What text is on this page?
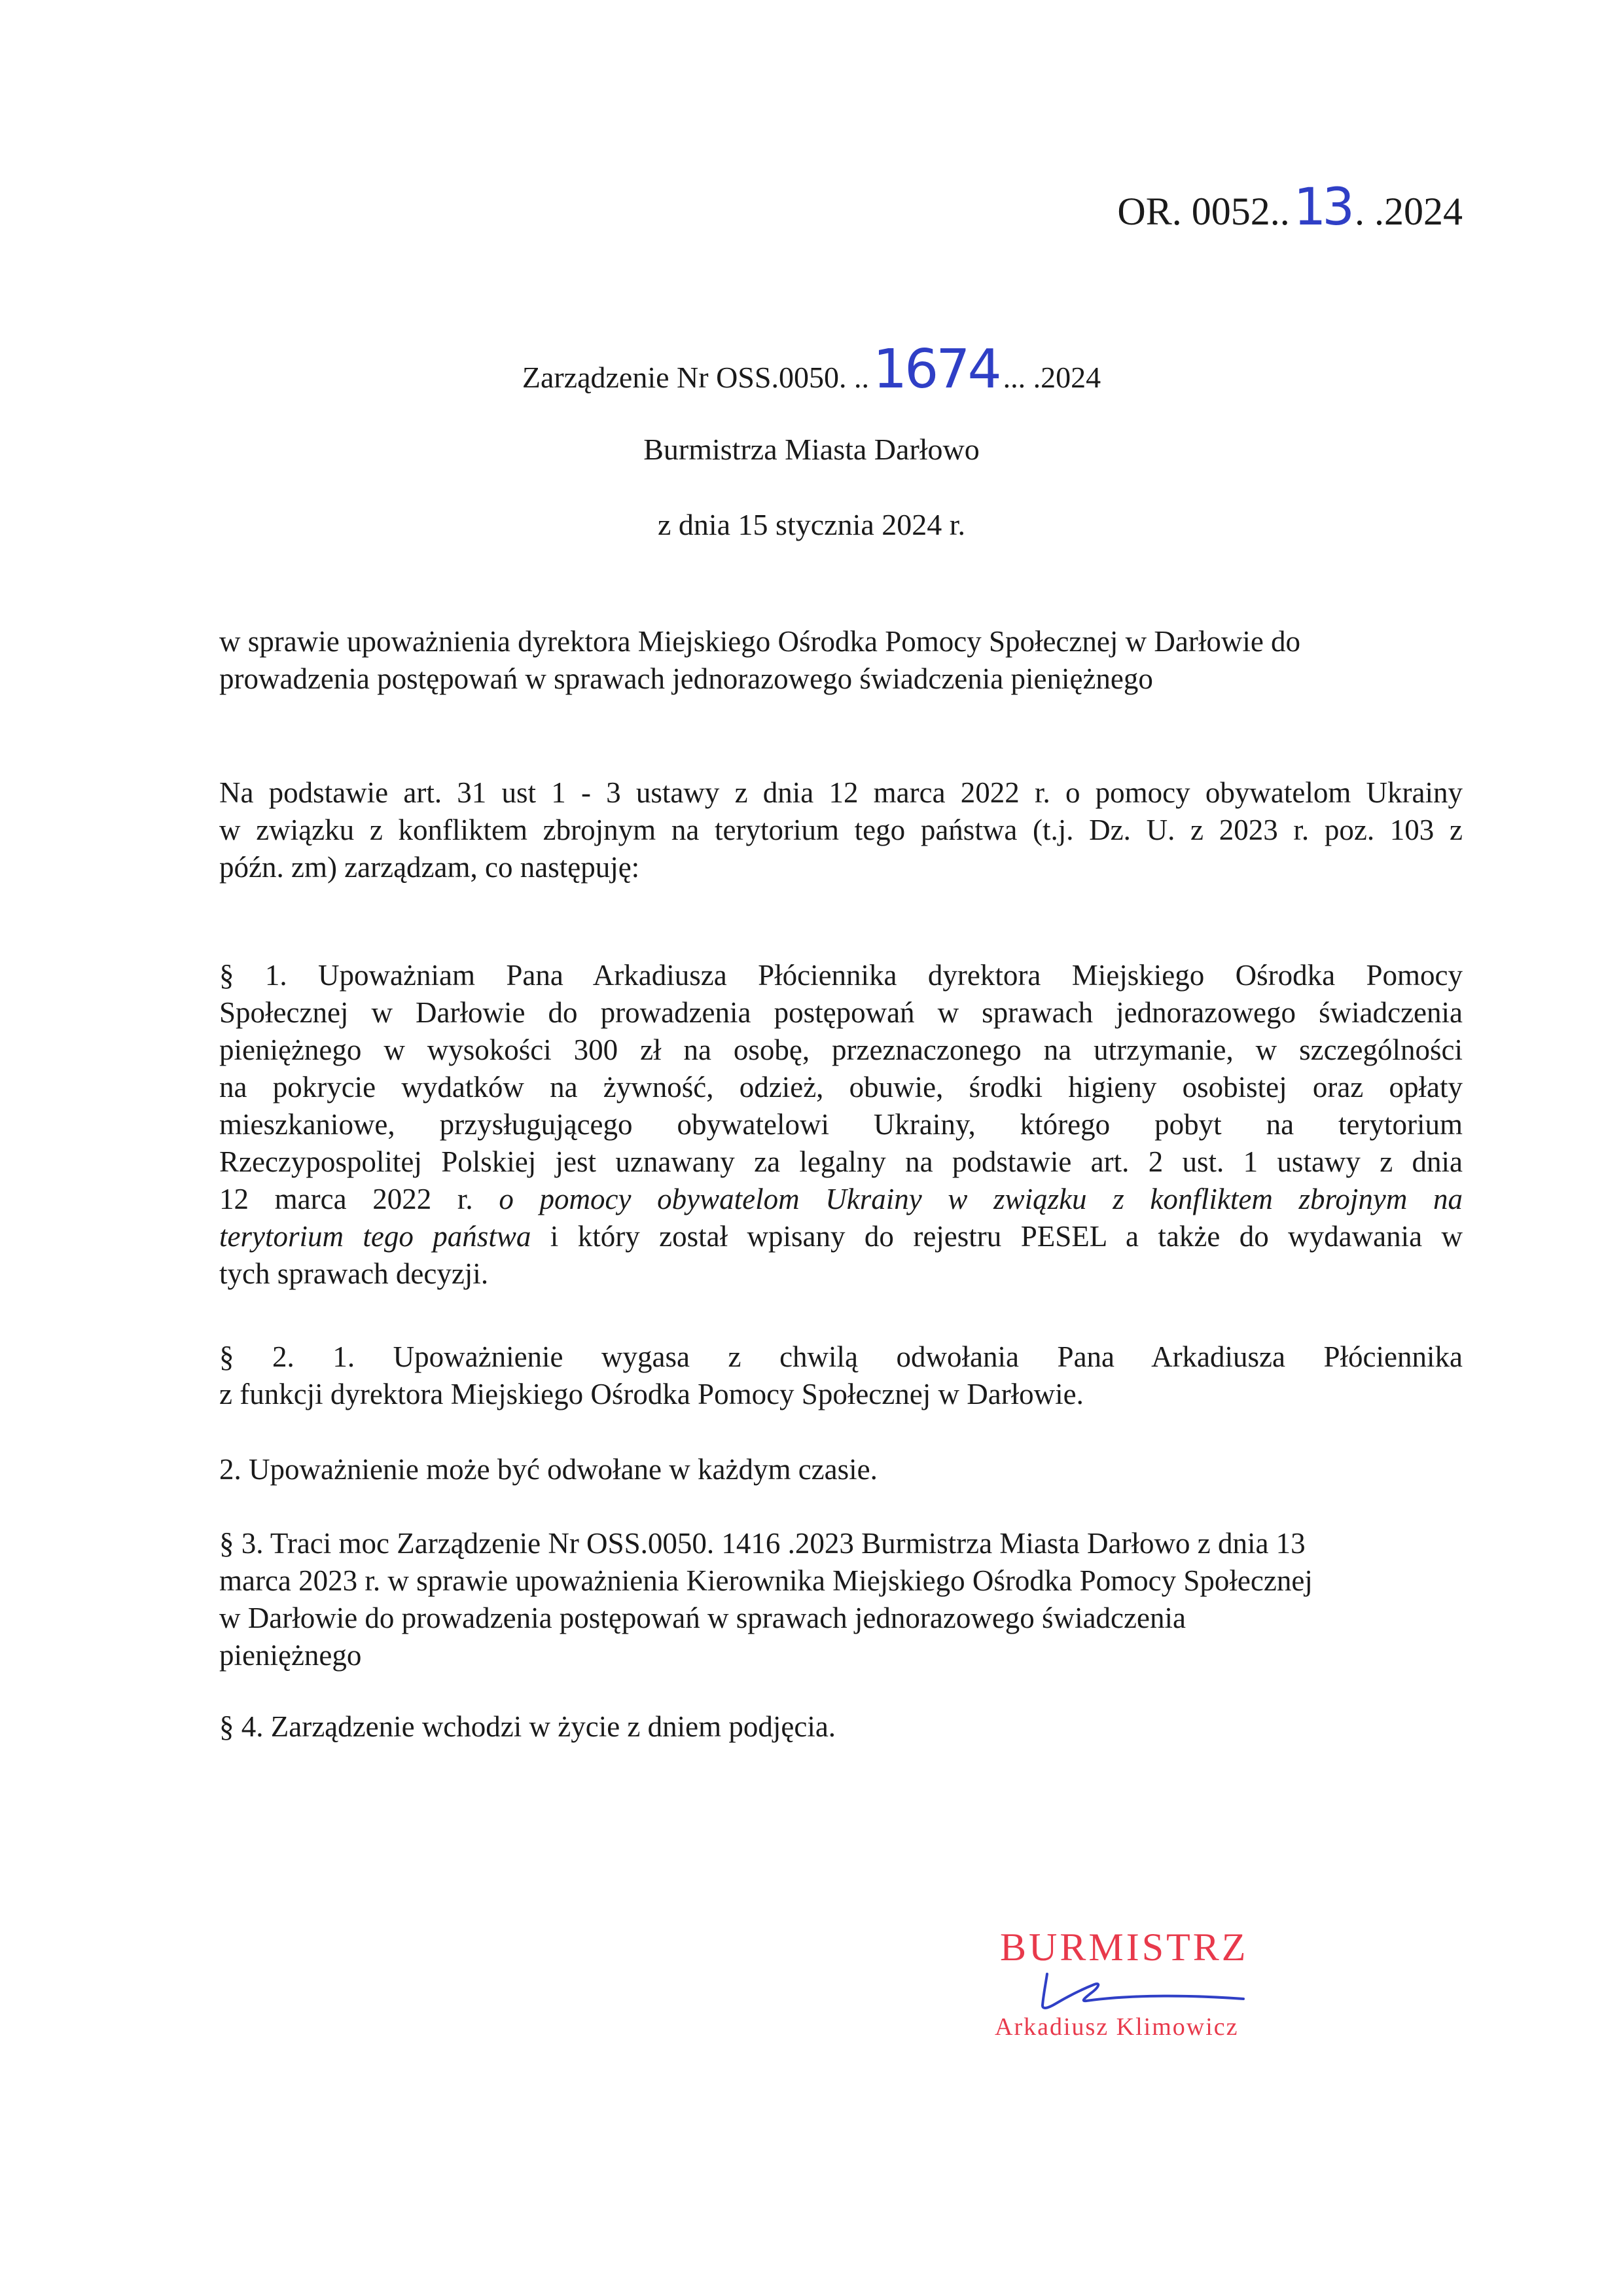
OR. 0052..13 . .2024
Zarządzenie Nr OSS.0050. ..1674 ... .2024
Burmistrza Miasta Darłowo
z dnia 15 stycznia 2024 r.
w sprawie upoważnienia dyrektora Miejskiego Ośrodka Pomocy Społecznej w Darłowie do
prowadzenia postępowań w sprawach jednorazowego świadczenia pieniężnego
Na podstawie art. 31 ust 1 - 3 ustawy z dnia 12 marca 2022 r. o pomocy obywatelom Ukrainy
w związku z konfliktem zbrojnym na terytorium tego państwa (t.j. Dz. U. z 2023 r. poz. 103 z
późn. zm) zarządzam, co następuję:
§ 1. Upoważniam Pana Arkadiusza Płóciennika dyrektora Miejskiego Ośrodka Pomocy
Społecznej w Darłowie do prowadzenia postępowań w sprawach jednorazowego świadczenia
pieniężnego w wysokości 300 zł na osobę, przeznaczonego na utrzymanie, w szczególności
na pokrycie wydatków na żywność, odzież, obuwie, środki higieny osobistej oraz opłaty
mieszkaniowe, przysługującego obywatelowi Ukrainy, którego pobyt na terytorium
Rzeczypospolitej Polskiej jest uznawany za legalny na podstawie art. 2 ust. 1 ustawy z dnia
12 marca 2022 r. o pomocy obywatelom Ukrainy w związku z konfliktem zbrojnym na
terytorium tego państwa i który został wpisany do rejestru PESEL a także do wydawania w
tych sprawach decyzji.
§ 2. 1. Upoważnienie wygasa z chwilą odwołania Pana Arkadiusza Płóciennika
z funkcji dyrektora Miejskiego Ośrodka Pomocy Społecznej w Darłowie.
2. Upoważnienie może być odwołane w każdym czasie.
§ 3. Traci moc Zarządzenie Nr OSS.0050. 1416 .2023 Burmistrza Miasta Darłowo z dnia 13
marca 2023 r. w sprawie upoważnienia Kierownika Miejskiego Ośrodka Pomocy Społecznej
w Darłowie do prowadzenia postępowań w sprawach jednorazowego świadczenia
pieniężnego
§ 4. Zarządzenie wchodzi w życie z dniem podjęcia.
BURMISTRZ
Arkadiusz Klimowicz
